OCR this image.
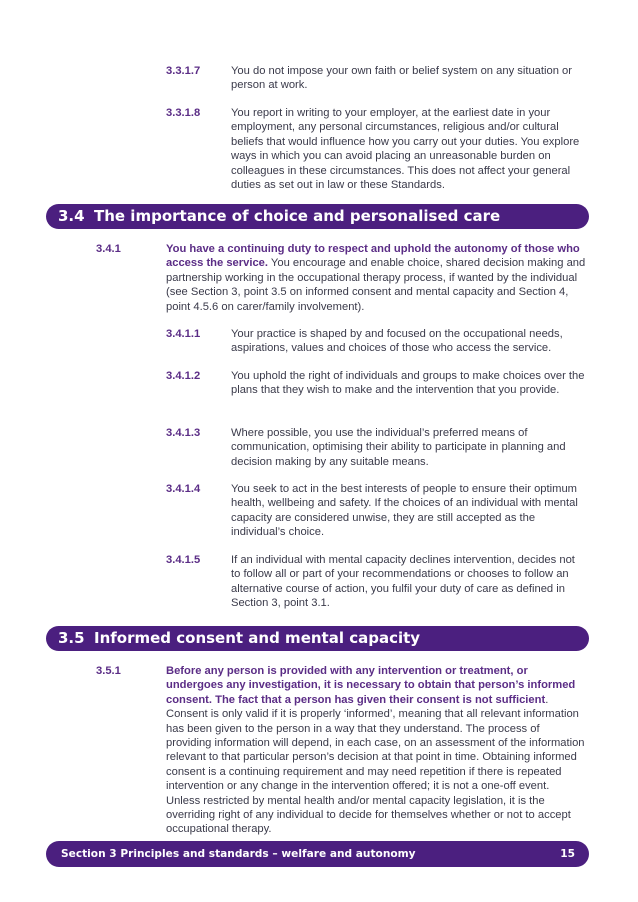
3.3.1.7	You do not impose your own faith or belief system on any situation or person at work.
3.3.1.8	You report in writing to your employer, at the earliest date in your employment, any personal circumstances, religious and/or cultural beliefs that would influence how you carry out your duties. You explore ways in which you can avoid placing an unreasonable burden on colleagues in these circumstances. This does not affect your general duties as set out in law or these Standards.
3.4 The importance of choice and personalised care
3.4.1	You have a continuing duty to respect and uphold the autonomy of those who access the service. You encourage and enable choice, shared decision making and partnership working in the occupational therapy process, if wanted by the individual (see Section 3, point 3.5 on informed consent and mental capacity and Section 4, point 4.5.6 on carer/family involvement).
3.4.1.1	Your practice is shaped by and focused on the occupational needs, aspirations, values and choices of those who access the service.
3.4.1.2	You uphold the right of individuals and groups to make choices over the plans that they wish to make and the intervention that you provide.
3.4.1.3	Where possible, you use the individual’s preferred means of communication, optimising their ability to participate in planning and decision making by any suitable means.
3.4.1.4	You seek to act in the best interests of people to ensure their optimum health, wellbeing and safety. If the choices of an individual with mental capacity are considered unwise, they are still accepted as the individual’s choice.
3.4.1.5	If an individual with mental capacity declines intervention, decides not to follow all or part of your recommendations or chooses to follow an alternative course of action, you fulfil your duty of care as defined in Section 3, point 3.1.
3.5 Informed consent and mental capacity
3.5.1	Before any person is provided with any intervention or treatment, or undergoes any investigation, it is necessary to obtain that person’s informed consent. The fact that a person has given their consent is not sufficient. Consent is only valid if it is properly ‘informed’, meaning that all relevant information has been given to the person in a way that they understand. The process of providing information will depend, in each case, on an assessment of the information relevant to that particular person’s decision at that point in time. Obtaining informed consent is a continuing requirement and may need repetition if there is repeated intervention or any change in the intervention offered; it is not a one-off event. Unless restricted by mental health and/or mental capacity legislation, it is the overriding right of any individual to decide for themselves whether or not to accept occupational therapy.
Section 3 Principles and standards – welfare and autonomy	15
